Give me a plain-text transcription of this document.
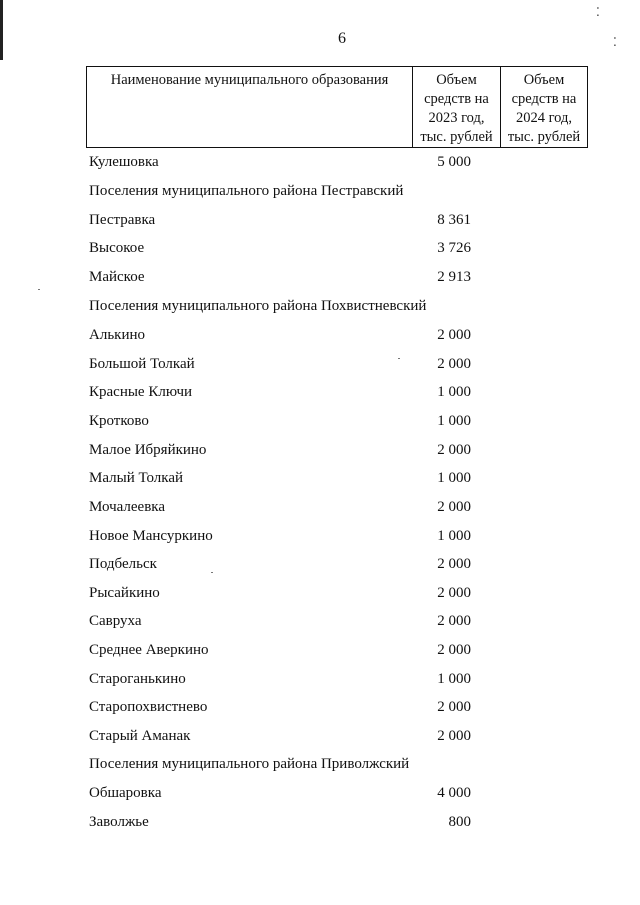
⁚
⁚
6
Наименование муниципального образования	Объем средств на 2023 год, тыс. рублей	Объем средств на 2024 год, тыс. рублей
Кулешовка	5 000
Поселения муниципального района Пестравский
Пестравка	8 361
Высокое	3 726
Майское	2 913
Поселения муниципального района Похвистневский
Алькино	2 000
Большой Толкай	2 000
Красные Ключи	1 000
Кротково	1 000
Малое Ибряйкино	2 000
Малый Толкай	1 000
Мочалеевка	2 000
Новое Мансуркино	1 000
Подбельск	2 000
Рысайкино	2 000
Савруха	2 000
Среднее Аверкино	2 000
Староганькино	1 000
Старопохвистнево	2 000
Старый Аманак	2 000
Поселения муниципального района Приволжский
Обшаровка	4 000
Заволжье	800
